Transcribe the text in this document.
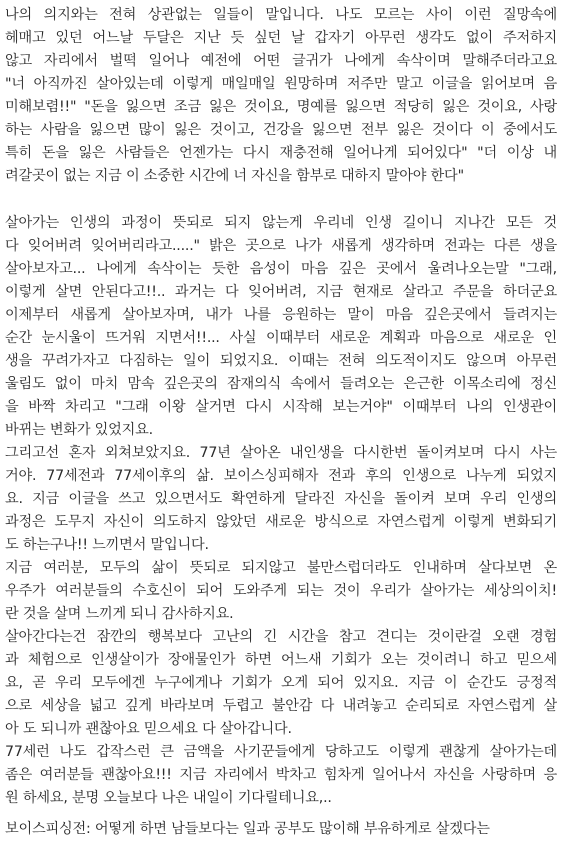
나의 의지와는 전혀 상관없는 일들이 말입니다. 나도 모르는 사이 이런 질망속에
헤매고 있던 어느날 두달은 지난 듯 싶던 날 갑자기 아무런 생각도 없이 주저하지
않고 자리에서 벌떡 일어나 예전에 어떤 글귀가 나에게 속삭이며 말해주더라고요
"너 아직까진 살아있는데 이렇게 매일매일 원망하며 저주만 말고 이글을 읽어보며 음
미해보렴!!" "돈을 잃으면 조금 잃은 것이요, 명예를 잃으면 적당히 잃은 것이요, 사랑
하는 사람을 잃으면 많이 잃은 것이고, 건강을 잃으면 전부 잃은 것이다 이 중에서도
특히 돈을 잃은 사람들은 언젠가는 다시 재충전해 일어나게 되어있다" "더 이상 내
려갈곳이 없는 지금 이 소중한 시간에 너 자신을 함부로 대하지 말아야 한다"
살아가는 인생의 과정이 뜻되로 되지 않는게 우리네 인생 길이니 지나간 모든 것
다 잊어버려 잊어버리라고....." 밝은 곳으로 나가 새롭게 생각하며 전과는 다른 생을
살아보자고... 나에게 속삭이는 듯한 음성이 마음 깊은 곳에서 울려나오는말 "그래,
이렇게 살면 안된다고!!.. 과거는 다 잊어버려, 지금 현재로 살라고 주문을 하더군요
이제부터 새롭게 살아보자며, 내가 나를 응원하는 말이 마음 깊은곳에서 들려지는
순간 눈시울이 뜨거워 지면서!!... 사실 이때부터 새로운 계획과 마음으로 새로운 인
생을 꾸려가자고 다짐하는 일이 되었지요. 이때는 전혀 의도적이지도 않으며 아무런
울림도 없이 마치 맘속 깊은곳의 잠재의식 속에서 들려오는 은근한 이목소리에 정신
을 바짝 차리고 "그래 이왕 살거면 다시 시작해 보는거야" 이때부터 나의 인생관이
바뀌는 변화가 있었지요.
그리고선 혼자 외쳐보았지요. 77년 살아온 내인생을 다시한번 돌이켜보며 다시 사는
거야. 77세전과 77세이후의 삶. 보이스싱피해자 전과 후의 인생으로 나누게 되었지
요. 지금 이글을 쓰고 있으면서도 확연하게 달라진 자신을 돌이켜 보며 우리 인생의
과정은 도무지 자신이 의도하지 않았던 새로운 방식으로 자연스럽게 이렇게 변화되기
도 하는구나!! 느끼면서 말입니다.
지금 여러분, 모두의 삶이 뜻되로 되지않고 불만스럽더라도 인내하며 살다보면 온
우주가 여러분들의 수호신이 되어 도와주게 되는 것이 우리가 살아가는 세상의이치!
란 것을 살며 느끼게 되니 감사하지요.
살아간다는건 잠깐의 행복보다 고난의 긴 시간을 참고 견디는 것이란걸 오랜 경험
과 체험으로 인생살이가 장애물인가 하면 어느새 기회가 오는 것이려니 하고 믿으세
요, 곧 우리 모두에겐 누구에게나 기회가 오게 되어 있지요. 지금 이 순간도 긍정적
으로 세상을 넓고 깊게 바라보며 두렵고 불안감 다 내려놓고 순리되로 자연스럽게 살
아 도 되니까 괜찮아요 믿으세요 다 살아갑니다.
77세런 나도 갑작스런 큰 금액을 사기꾼들에게 당하고도 이렇게 괜찮게 살아가는데
좀은 여러분들 괜찮아요!!! 지금 자리에서 박차고 힘차게 일어나서 자신을 사랑하며 응
원 하세요, 분명 오늘보다 나은 내일이 기다릴테니요,..
보이스피싱전: 어떻게 하면 남들보다는 일과 공부도 많이해 부유하게로 살겠다는
